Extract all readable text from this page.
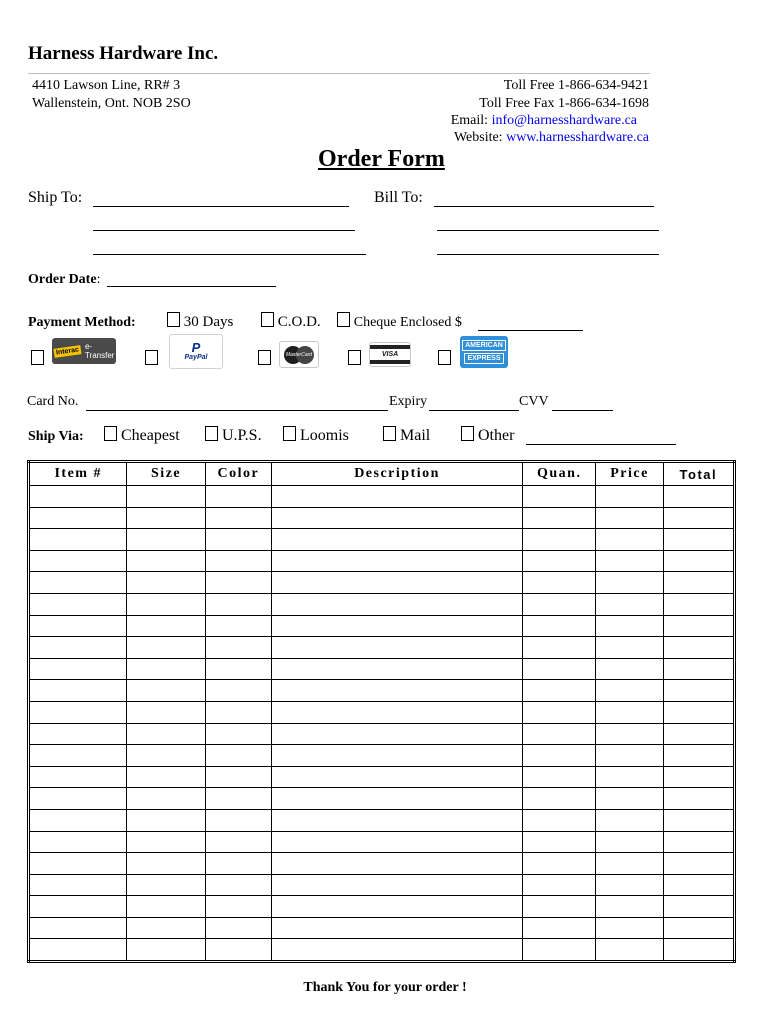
Harness Hardware Inc.
4410 Lawson Line, RR# 3
Wallenstein, Ont. NOB 2SO
Toll Free 1-866-634-9421
Toll Free Fax 1-866-634-1698
Email: info@harnesshardware.ca
Website: www.harnesshardware.ca
Order Form
Ship To:	Bill To:
Order Date:
Payment Method:	30 Days	C.O.D.	Cheque Enclosed $
Interac e-Transfer
P
PayPal	MasterCard	VISA
AMERICAN
EXPRESS
Card No.	Expiry	CVV
Ship Via:	Cheapest	U.P.S.	Loomis	Mail	Other
Item #	Size	Color	Description	Quan.	Price	Total

Thank You for your order !
